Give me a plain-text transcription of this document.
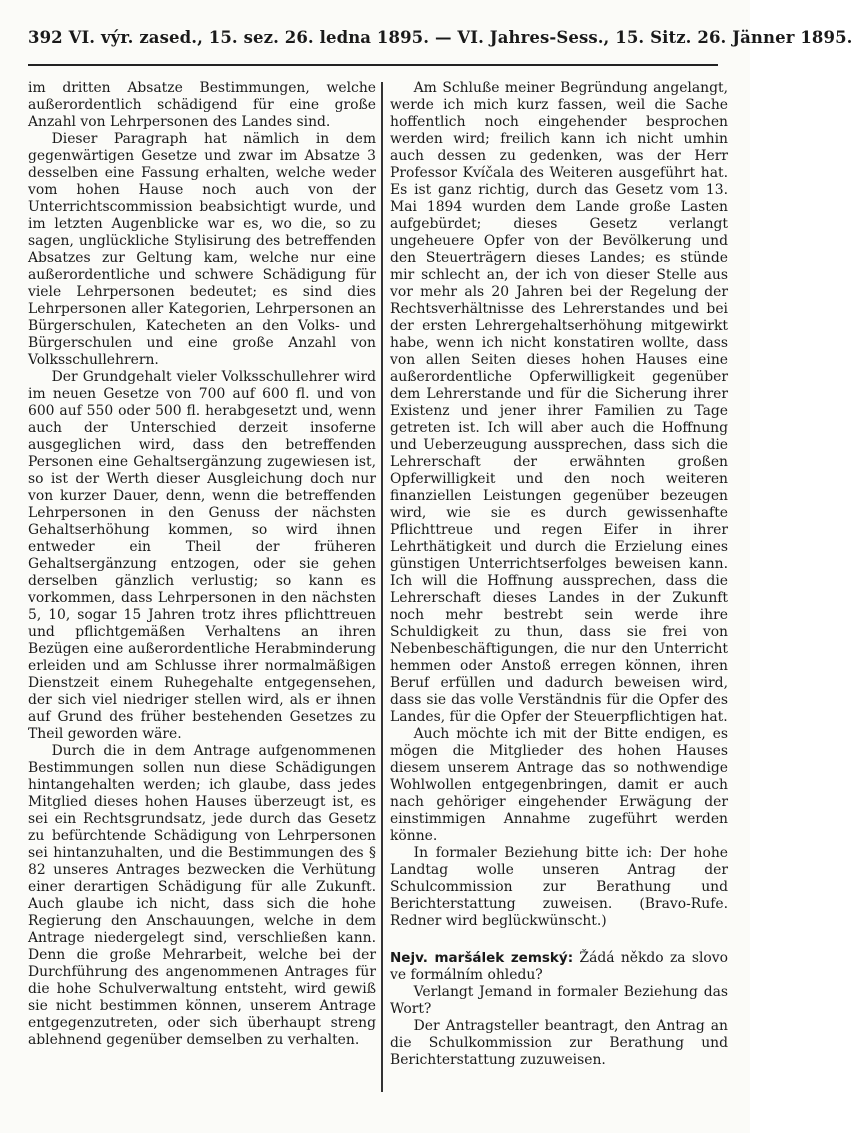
392 VI. výr. zased., 15. sez. 26. ledna 1895. — VI. Jahres-Sess., 15. Sitz. 26. Jänner 1895.

im dritten Absatze Bestimmungen, welche außerordentlich schädigend für eine große Anzahl von Lehrpersonen des Landes sind.

Dieser Paragraph hat nämlich in dem gegenwärtigen Gesetze und zwar im Absatze 3 desselben eine Fassung erhalten, welche weder vom hohen Hause noch auch von der Unterrichtscommission beabsichtigt wurde, und im letzten Augenblicke war es, wo die, so zu sagen, unglückliche Stylisirung des betreffenden Absatzes zur Geltung kam, welche nur eine außerordentliche und schwere Schädigung für viele Lehrpersonen bedeutet; es sind dies Lehrpersonen aller Kategorien, Lehrpersonen an Bürgerschulen, Katecheten an den Volks- und Bürgerschulen und eine große Anzahl von Volksschullehrern.

Der Grundgehalt vieler Volksschullehrer wird im neuen Gesetze von 700 auf 600 fl. und von 600 auf 550 oder 500 fl. herabgesetzt und, wenn auch der Unterschied derzeit insoferne ausgeglichen wird, dass den betreffenden Personen eine Gehaltsergänzung zugewiesen ist, so ist der Werth dieser Ausgleichung doch nur von kurzer Dauer, denn, wenn die betreffenden Lehrpersonen in den Genuss der nächsten Gehaltserhöhung kommen, so wird ihnen entweder ein Theil der früheren Gehaltsergänzung entzogen, oder sie gehen derselben gänzlich verlustig; so kann es vorkommen, dass Lehrpersonen in den nächsten 5, 10, sogar 15 Jahren trotz ihres pflichttreuen und pflichtgemäßen Verhaltens an ihren Bezügen eine außerordentliche Herabminderung erleiden und am Schlusse ihrer normalmäßigen Dienstzeit einem Ruhegehalte entgegensehen, der sich viel niedriger stellen wird, als er ihnen auf Grund des früher bestehenden Gesetzes zu Theil geworden wäre.

Durch die in dem Antrage aufgenommenen Bestimmungen sollen nun diese Schädigungen hintangehalten werden; ich glaube, dass jedes Mitglied dieses hohen Hauses überzeugt ist, es sei ein Rechtsgrundsatz, jede durch das Gesetz zu befürchtende Schädigung von Lehrpersonen sei hintanzuhalten, und die Bestimmungen des § 82 unseres Antrages bezwecken die Verhütung einer derartigen Schädigung für alle Zukunft. Auch glaube ich nicht, dass sich die hohe Regierung den Anschauungen, welche in dem Antrage niedergelegt sind, verschließen kann. Denn die große Mehrarbeit, welche bei der Durchführung des angenommenen Antrages für die hohe Schulverwaltung entsteht, wird gewiß sie nicht bestimmen können, unserem Antrage entgegenzutreten, oder sich überhaupt streng ablehnend gegenüber demselben zu verhalten.

Am Schluße meiner Begründung angelangt, werde ich mich kurz fassen, weil die Sache hoffentlich noch eingehender besprochen werden wird; freilich kann ich nicht umhin auch dessen zu gedenken, was der Herr Professor Kvíčala des Weiteren ausgeführt hat. Es ist ganz richtig, durch das Gesetz vom 13. Mai 1894 wurden dem Lande große Lasten aufgebürdet; dieses Gesetz verlangt ungeheuere Opfer von der Bevölkerung und den Steuerträgern dieses Landes; es stünde mir schlecht an, der ich von dieser Stelle aus vor mehr als 20 Jahren bei der Regelung der Rechtsverhältnisse des Lehrerstandes und bei der ersten Lehrergehaltserhöhung mitgewirkt habe, wenn ich nicht konstatiren wollte, dass von allen Seiten dieses hohen Hauses eine außerordentliche Opferwilligkeit gegenüber dem Lehrerstande und für die Sicherung ihrer Existenz und jener ihrer Familien zu Tage getreten ist. Ich will aber auch die Hoffnung und Ueberzeugung aussprechen, dass sich die Lehrerschaft der erwähnten großen Opferwilligkeit und den noch weiteren finanziellen Leistungen gegenüber bezeugen wird, wie sie es durch gewissenhafte Pflichttreue und regen Eifer in ihrer Lehrthätigkeit und durch die Erzielung eines günstigen Unterrichtserfolges beweisen kann. Ich will die Hoffnung aussprechen, dass die Lehrerschaft dieses Landes in der Zukunft noch mehr bestrebt sein werde ihre Schuldigkeit zu thun, dass sie frei von Nebenbeschäftigungen, die nur den Unterricht hemmen oder Anstoß erregen können, ihren Beruf erfüllen und dadurch beweisen wird, dass sie das volle Verständnis für die Opfer des Landes, für die Opfer der Steuerpflichtigen hat.

Auch möchte ich mit der Bitte endigen, es mögen die Mitglieder des hohen Hauses diesem unserem Antrage das so nothwendige Wohlwollen entgegenbringen, damit er auch nach gehöriger eingehender Erwägung der einstimmigen Annahme zugeführt werden könne.

In formaler Beziehung bitte ich: Der hohe Landtag wolle unseren Antrag der Schulcommission zur Berathung und Berichterstattung zuweisen. (Bravo-Rufe. Redner wird beglückwünscht.)

Nejv. maršálek zemský: Žádá někdo za slovo ve formálním ohledu?

Verlangt Jemand in formaler Beziehung das Wort?

Der Antragsteller beantragt, den Antrag an die Schulkommission zur Berathung und Berichterstattung zuzuweisen.
